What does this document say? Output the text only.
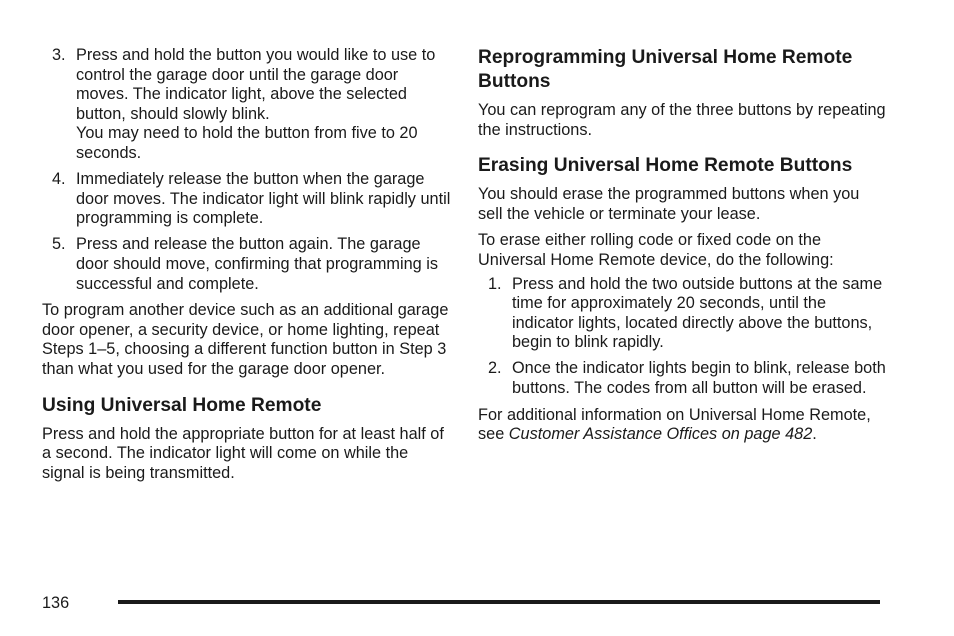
3. Press and hold the button you would like to use to control the garage door until the garage door moves. The indicator light, above the selected button, should slowly blink.
You may need to hold the button from five to 20 seconds.
4. Immediately release the button when the garage door moves. The indicator light will blink rapidly until programming is complete.
5. Press and release the button again. The garage door should move, confirming that programming is successful and complete.

To program another device such as an additional garage door opener, a security device, or home lighting, repeat Steps 1–5, choosing a different function button in Step 3 than what you used for the garage door opener.

Using Universal Home Remote

Press and hold the appropriate button for at least half of a second. The indicator light will come on while the signal is being transmitted.

Reprogramming Universal Home Remote Buttons

You can reprogram any of the three buttons by repeating the instructions.

Erasing Universal Home Remote Buttons

You should erase the programmed buttons when you sell the vehicle or terminate your lease.

To erase either rolling code or fixed code on the Universal Home Remote device, do the following:

1. Press and hold the two outside buttons at the same time for approximately 20 seconds, until the indicator lights, located directly above the buttons, begin to blink rapidly.
2. Once the indicator lights begin to blink, release both buttons. The codes from all button will be erased.

For additional information on Universal Home Remote, see Customer Assistance Offices on page 482.

136
